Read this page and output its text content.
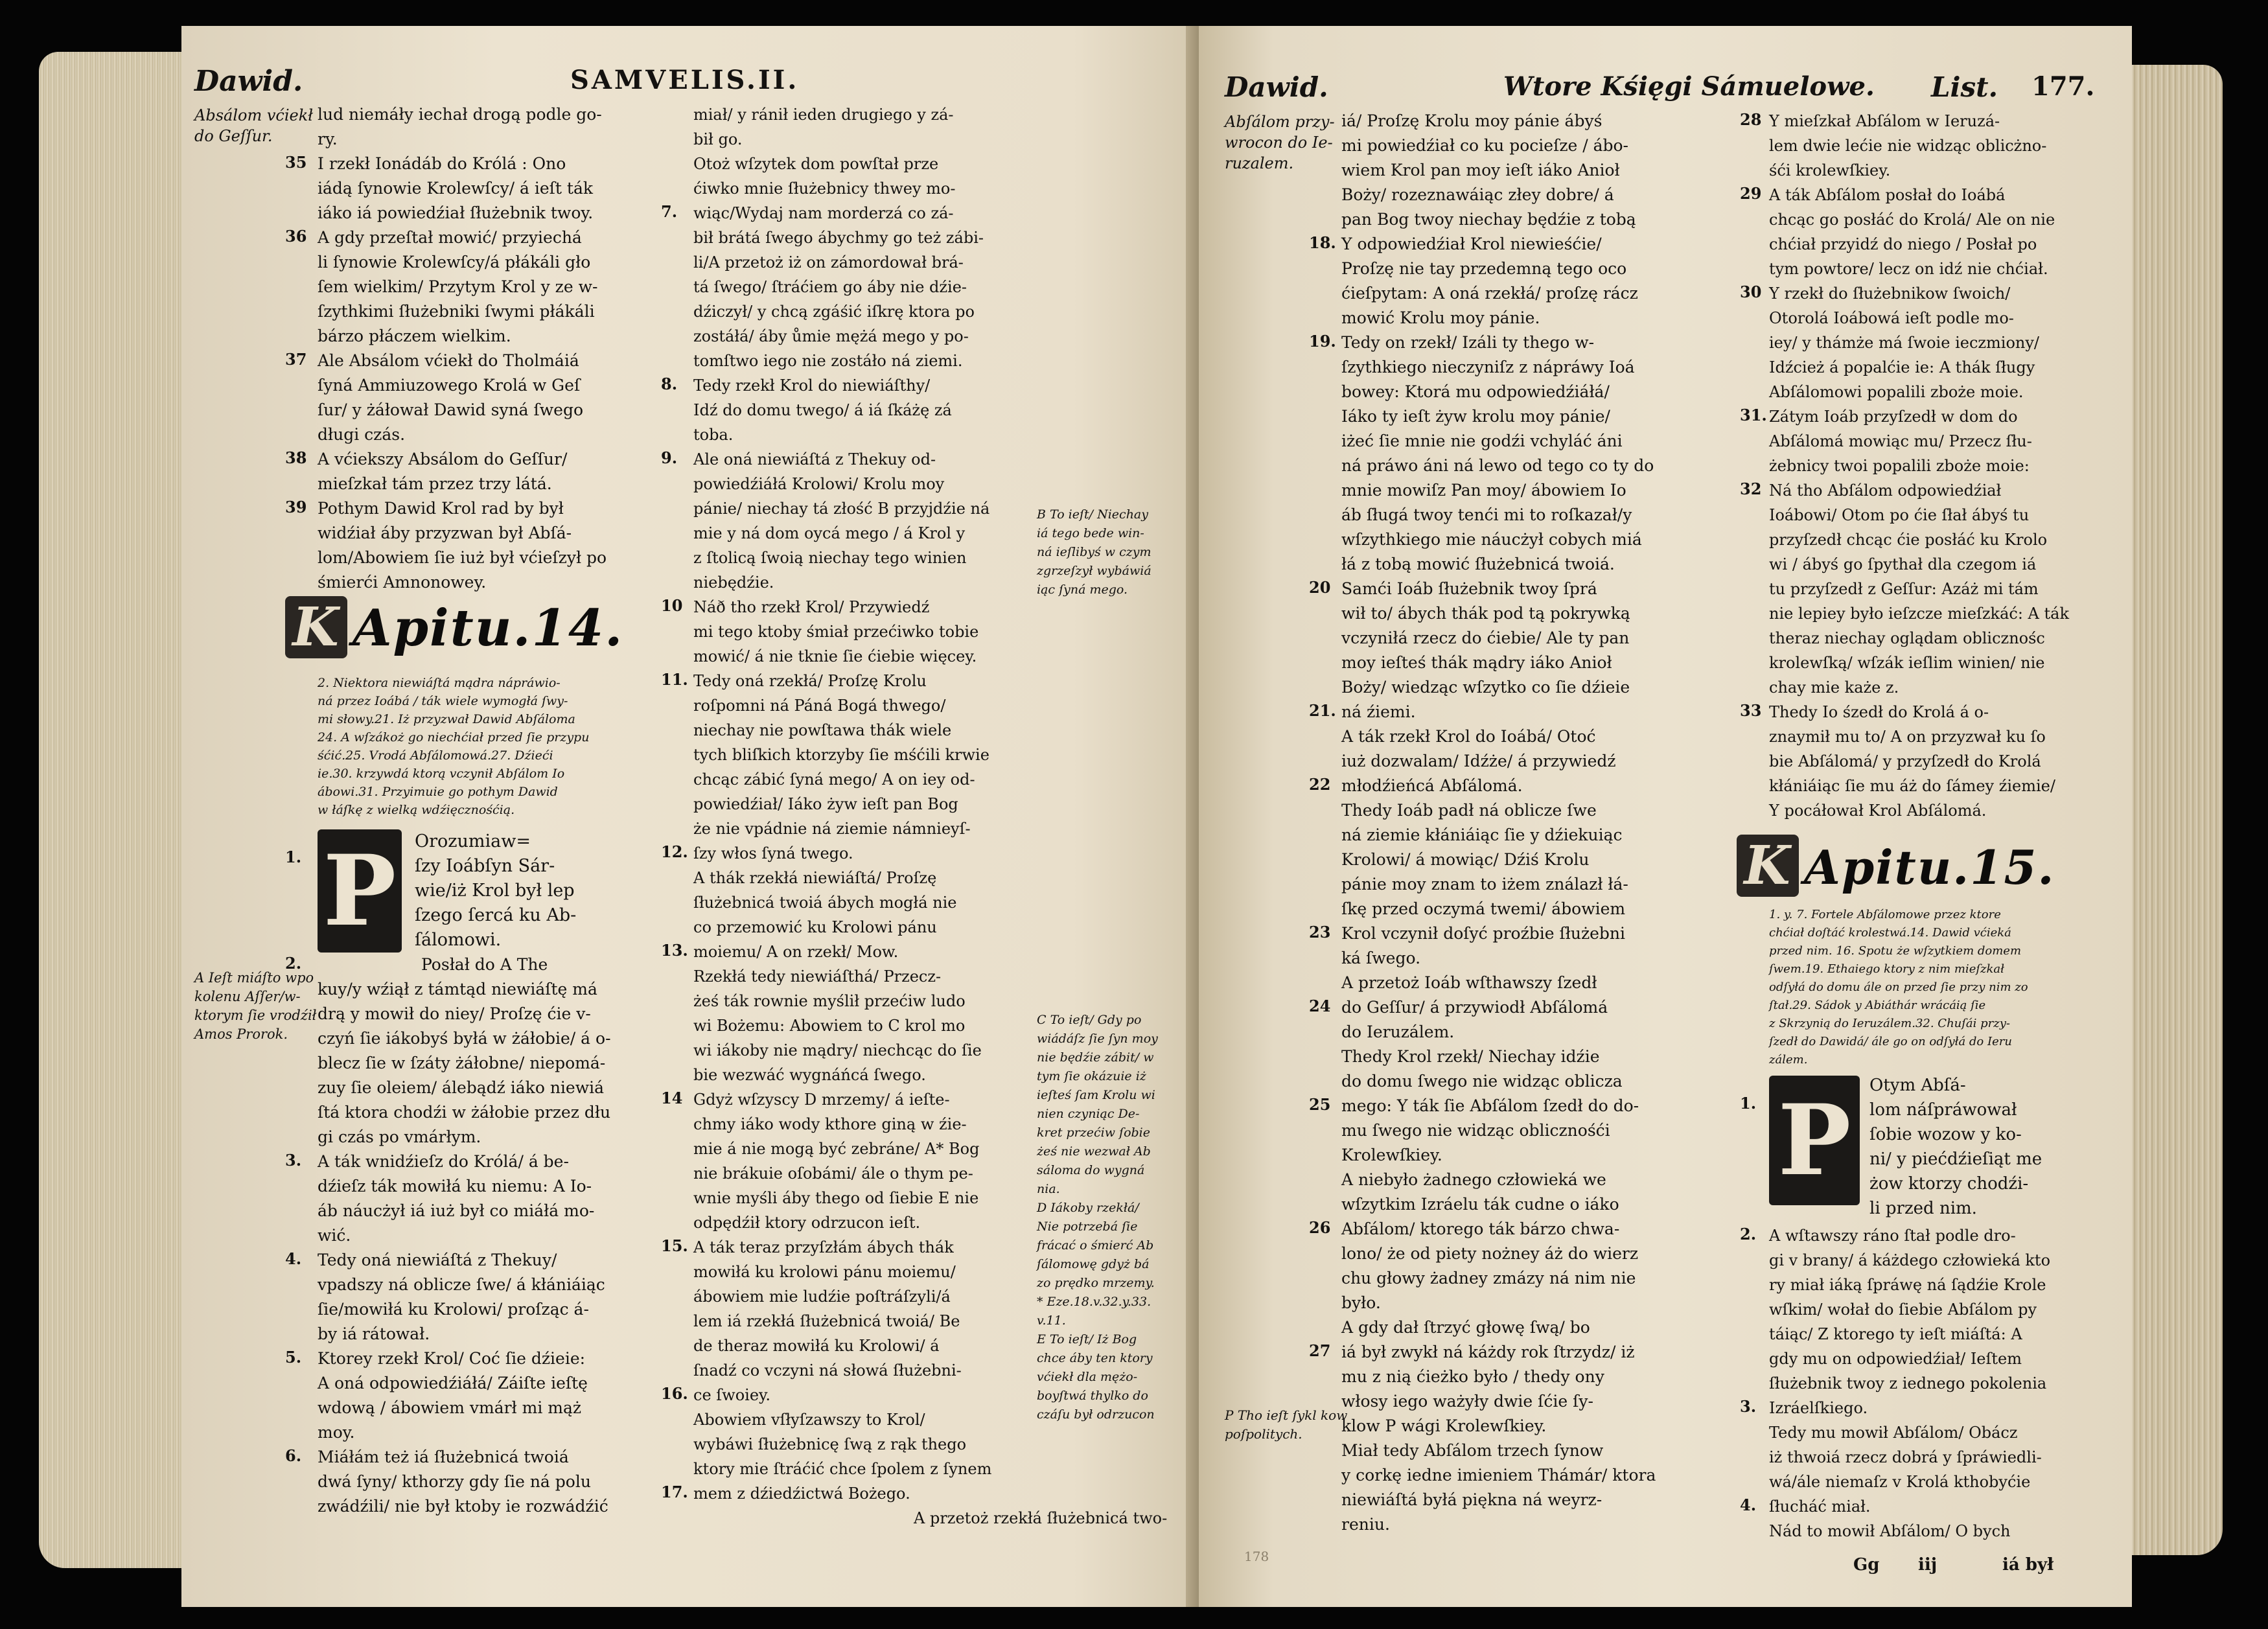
Dawid.	SAMVELIS.II.
Absálom vćiekł
do Geſſur.
35
36
37
38
39
lud niemáły iechał drogą podle go-
ry.
I rzekł Ionádáb do Królá : Ono
iádą ſynowie Krolewſcy/ á ieſt ták
iáko iá powiedźiał ſłużebnik twoy.
A gdy przeſtał mowić/ przyiechá
li ſynowie Krolewſcy/á płákáli gło
ſem wielkim/ Przytym Krol y ze w-
ſzythkimi ſłużebniki ſwymi płákáli
bárzo płáczem wielkim.
Ale Absálom vćiekł do Tholmáiá
ſyná Ammiuzowego Krolá w Geſ
ſur/ y żáłował Dawid syná ſwego
długi czás.
A vćiekszy Absálom do Geſſur/
mieſzkał tám przez trzy látá.
Pothym Dawid Krol rad by był
widźiał áby przyzwan był Abſá-
lom/Abowiem ſie iuż był vćieſzył po
śmierći Amnonowey.
K Apitu.14.
2. Niektora niewiáſtá mądra nápráwio-
ná przez Ioábá / ták wiele wymogłá ſwy-
mi słowy.21. Iż przyzwał Dawid Abſáloma
24. A wſzákoż go niechćiał przed ſie przypu
śćić.25. Vrodá Abſálomowá.27. Dźieći
ie.30. krzywdá ktorą vczynił Abſálom Io
ábowi.31. Przyimuie go pothym Dawid
w łáſkę z wielką wdźięcznośćią.
1. P	Orozumiaw=
ſzy Ioábſyn Sár-
wie/iż Krol był lep
ſzego ſercá ku Ab-
ſálomowi.
A Ieſt miáſto wpo
kolenu Aſſer/w-
ktorym ſie vrodźił
Amos Prorok.
2.
3.
4.
5.
6.
Posłał do A The
kuy/y wźiął z támtąd niewiáſtę má
drą y mowił do niey/ Proſzę ćie v-
czyń ſie iákobyś byłá w żáłobie/ á o-
blecz ſie w ſzáty żáłobne/ niepomá-
zuy ſie oleiem/ álebądź iáko niewiá
ſtá ktora chodźi w żáłobie przez dłu
gi czás po vmárłym.
A ták wnidźieſz do Królá/ á be-
dźieſz ták mowiłá ku niemu: A Io-
áb náucżył iá iuż był co miáłá mo-
wić.
Tedy oná niewiáſtá z Thekuy/
vpadszy ná oblicze ſwe/ á kłániáiąc
ſie/mowiłá ku Krolowi/ proſząc á-
by iá rátował.
Ktorey rzekł Krol/ Coć ſie dźieie:
A oná odpowiedźiáłá/ Záiſte ieſtę
wdową / ábowiem vmárł mi mąż
moy.
Miáłám też iá ſłużebnicá twoiá
dwá ſyny/ kthorzy gdy ſie ná polu
zwádźili/ nie był ktoby ie rozwádźić
7.
8.
9.
10
11.
12.
13.
14
15.
16.
17.
miał/ y ránił ieden drugiego y zá-
bił go.
Otoż wſzytek dom powſtał prze
ćiwko mnie ſłużebnicy thwey mo-
wiąc/Wydaj nam morderzá co zá-
bił brátá ſwego ábychmy go też zábi-
li/A przetoż iż on zámordował brá-
tá ſwego/ ſtráćiem go áby nie dźie-
dźiczył/ y chcą zgáśić iſkrę ktora po
zostáłá/ áby ůmie mężá mego y po-
tomſtwo iego nie zostáło ná ziemi.
Tedy rzekł Krol do niewiáſthy/
Idź do domu twego/ á iá ſkáżę zá
toba.
Ale oná niewiáſtá z Thekuy od-
powiedźiáłá Krolowi/ Krolu moy
pánie/ niechay tá złość B przyjdźie ná
mie y ná dom oycá mego / á Krol y
z ſtolicą ſwoią niechay tego winien
niebędźie.
Náð tho rzekł Krol/ Przywiedź
mi tego ktoby śmiał przećiwko tobie
mowić/ á nie tknie ſie ćiebie więcey.
Tedy oná rzekłá/ Proſzę Krolu
roſpomni ná Páná Bogá thwego/
niechay nie powſtawa thák wiele
tych bliſkich ktorzyby ſie mśćili krwie
chcąc zábić ſyná mego/ A on iey od-
powiedźiał/ Iáko żyw ieſt pan Bog
że nie vpádnie ná ziemie námnieyſ-
ſzy włos ſyná twego.
A thák rzekłá niewiáſtá/ Proſzę
ſłużebnicá twoiá ábych mogłá nie
co przemowić ku Krolowi pánu
moiemu/ A on rzekł/ Mow.
Rzekłá tedy niewiáſthá/ Przecz-
żeś ták rownie myślił przećiw ludo
wi Bożemu: Abowiem to C krol mo
wi iákoby nie mądry/ niechcąc do ſie
bie wezwáć wygnáńcá ſwego.
Gdyż wſzyscy D mrzemy/ á ieſte-
chmy iáko wody kthore giną w źie-
mie á nie mogą być zebráne/ A* Bog
nie brákuie oſobámi/ ále o thym pe-
wnie myśli áby thego od ſiebie E nie
odpędźił ktory odrzucon ieſt.
A ták teraz przyſzłám ábych thák
mowiłá ku krolowi pánu moiemu/
ábowiem mie ludźie poſtráſzyli/á
lem iá rzekłá ſłużebnicá twoiá/ Be
de theraz mowiłá ku Krolowi/ á
ſnadź co vczyni ná słowá ſłużebni-
ce ſwoiey.
Abowiem vſłyſzawszy to Krol/
wybáwi ſłużebnicę ſwą z rąk thego
ktory mie ſtráćić chce ſpolem z ſynem
mem z dźiedźictwá Bożego.
A przetoż rzekłá ſłużebnicá two-
B To ieſt/ Niechay
iá tego bede win-
ná ieſlibyś w czym
zgrzeſzył wybáwiá
iąc ſyná mego.
C To ieſt/ Gdy po
wiádáſz ſie ſyn moy
nie będźie zábit/ w
tym ſie okázuie iż
ieſteś ſam Krolu wi
nien czyniąc De-
kret przećiw ſobie
żeś nie wezwał Ab
sáloma do wygná
nia.
D Iákoby rzekłá/
Nie potrzebá ſie
frácać o śmierć Ab
ſálomowę gdyż bá
zo prędko mrzemy.
* Eze.18.v.32.y.33.
v.11.
E To ieſt/ Iż Bog
chce áby ten ktory
vćiekł dla mężo-
boyſtwá thylko do
czáſu był odrzucon
Dawid.	Wtore Kśięgi Sámuelowe. List. 177.
Abſálom przy-
wrocon do Ie-
ruzalem.
18.
19.
20
21.
22
23
24
25
26
27
iá/ Proſzę Krolu moy pánie ábyś
mi powiedźiał co ku pocieſze / ábo-
wiem Krol pan moy ieſt iáko Anioł
Boży/ rozeznawáiąc złey dobre/ á
pan Bog twoy niechay będźie z tobą
Y odpowiedźiał Krol niewieśćie/
Proſzę nie tay przedemną tego oco
ćieſpytam: A oná rzekłá/ proſzę rácz
mowić Krolu moy pánie.
Tedy on rzekł/ Izáli ty thego w-
ſzythkiego nieczyniſz z nápráwy Ioá
bowey: Ktorá mu odpowiedźiáłá/
Iáko ty ieſt żyw krolu moy pánie/
iżeć ſie mnie nie godźi vchyláć áni
ná práwo áni ná lewo od tego co ty do
mnie mowiſz Pan moy/ ábowiem Io
áb ſługá twoy tenći mi to roſkazał/y
wſzythkiego mie náucżył cobych miá
łá z tobą mowić ſłużebnicá twoiá.
Samći Ioáb ſłużebnik twoy ſprá
wił to/ ábych thák pod tą pokrywką
vczyniłá rzecz do ćiebie/ Ale ty pan
moy ieſteś thák mądry iáko Anioł
Boży/ wiedząc wſzytko co ſie dźieie
ná źiemi.
A ták rzekł Krol do Ioábá/ Otoć
iuż dozwalam/ Idźże/ á przywiedź
młodźieńcá Abſálomá.
Thedy Ioáb padł ná oblicze ſwe
ná ziemie kłániáiąc ſie y dźiekuiąc
Krolowi/ á mowiąc/ Dźiś Krolu
pánie moy znam to iżem ználazł łá-
ſkę przed oczymá twemi/ ábowiem
Krol vczynił doſyć proźbie ſłużebni
ká ſwego.
A przetoż Ioáb wſthawszy ſzedł
do Geſſur/ á przywiodł Abſálomá
do Ieruzálem.
Thedy Krol rzekł/ Niechay idźie
do domu ſwego nie widząc oblicza
mego: Y ták ſie Abſálom ſzedł do do-
mu ſwego nie widząc oblicznośći
Krolewſkiey.
A niebyło żadnego człowieká we
wſzytkim Izráelu ták cudne o iáko
Abſálom/ ktorego ták bárzo chwa-
lono/ że od piety nożney áż do wierz
chu głowy żadney zmázy ná nim nie
było.
A gdy dał ſtrzyć głowę ſwą/ bo
iá był zwykł ná káżdy rok ſtrzydz/ iż
mu z nią ćieżko było / thedy ony
włosy iego ważyły dwie ſćie ſy-
klow P wági Krolewſkiey.
Miał tedy Abſálom trzech ſynow
y corkę iedne imieniem Thámár/ ktora
niewiáſtá byłá piękna ná weyrz-
reniu.
P Tho ieſt ſykl kow
poſpolitych.
28
29
30
31.
32
33
Y mieſzkał Abſálom w Ieruzá-
lem dwie lećie nie widząc oblicżno-
śći krolewſkiey.
A ták Abſálom posłał do Ioábá
chcąc go posłáć do Krolá/ Ale on nie
chćiał przyidź do niego / Posłał po
tym powtore/ lecz on idź nie chćiał.
Y rzekł do ſłużebnikow ſwoich/
Otorolá Ioábowá ieſt podle mo-
iey/ y thámże má ſwoie ieczmiony/
Idźcież á popalćie ie: A thák ſługy
Abſálomowi popalili zboże moie.
Zátym Ioáb przyſzedł w dom do
Abſálomá mowiąc mu/ Przecz ſłu-
żebnicy twoi popalili zboże moie:
Ná tho Abſálom odpowiedźiał
Ioábowi/ Otom po ćie ſłał ábyś tu
przyſzedł chcąc ćie posłáć ku Krolo
wi / ábyś go ſpythał dla czegom iá
tu przyſzedł z Geſſur: Azáż mi tám
nie lepiey było ieſzcze mieſzkáć: A ták
theraz niechay oglądam oblicznośc
krolewſką/ wſzák ieſlim winien/ nie
chay mie każe z.
Thedy Io śzedł do Krolá á o-
znaymił mu to/ A on przyzwał ku ſo
bie Abſálomá/ y przyſzedł do Krolá
kłániáiąc ſie mu áż do ſámey źiemie/
Y pocáłował Krol Abſálomá.
K Apitu.15.
1. y. 7. Fortele Abſálomowe przez ktore
chćiał doſtáć krolestwá.14. Dawid vćieká
przed nim. 16. Spotu że wſzytkiem domem
ſwem.19. Ethaiego ktory z nim mieſzkał
odſyłá do domu ále on przed ſie przy nim zo
ſtał.29. Sádok y Abiáthár wrácáią ſie
z Skrzynią do Ieruzálem.32. Chuſái przy-
ſzedł do Dawidá/ ále go on odſyłá do Ieru
zálem.
1. P	Otym Abſá-
lom náſpráwował
ſobie wozow y ko-
ni/ y piećdźieſiąt me
żow ktorzy chodźi-
li przed nim.
2.
3.
4.
A wſtawszy ráno ſtał podle dro-
gi v brany/ á káżdego człowieká kto
ry miał iáką ſpráwę ná ſądźie Krole
wſkim/ wołał do ſiebie Abſálom py
táiąc/ Z ktorego ty ieſt miáſtá: A
gdy mu on odpowiedźiał/ Ieſtem
ſłużebnik twoy z iednego pokolenia
Izráelſkiego.
Tedy mu mowił Abſálom/ Obácz
iż thwoiá rzecz dobrá y ſpráwiedli-
wá/ále niemaſz v Krolá kthobyćie
ſłucháć miał.
Nád to mowił Abſálom/ O bych
Gg iij	iá był
178
